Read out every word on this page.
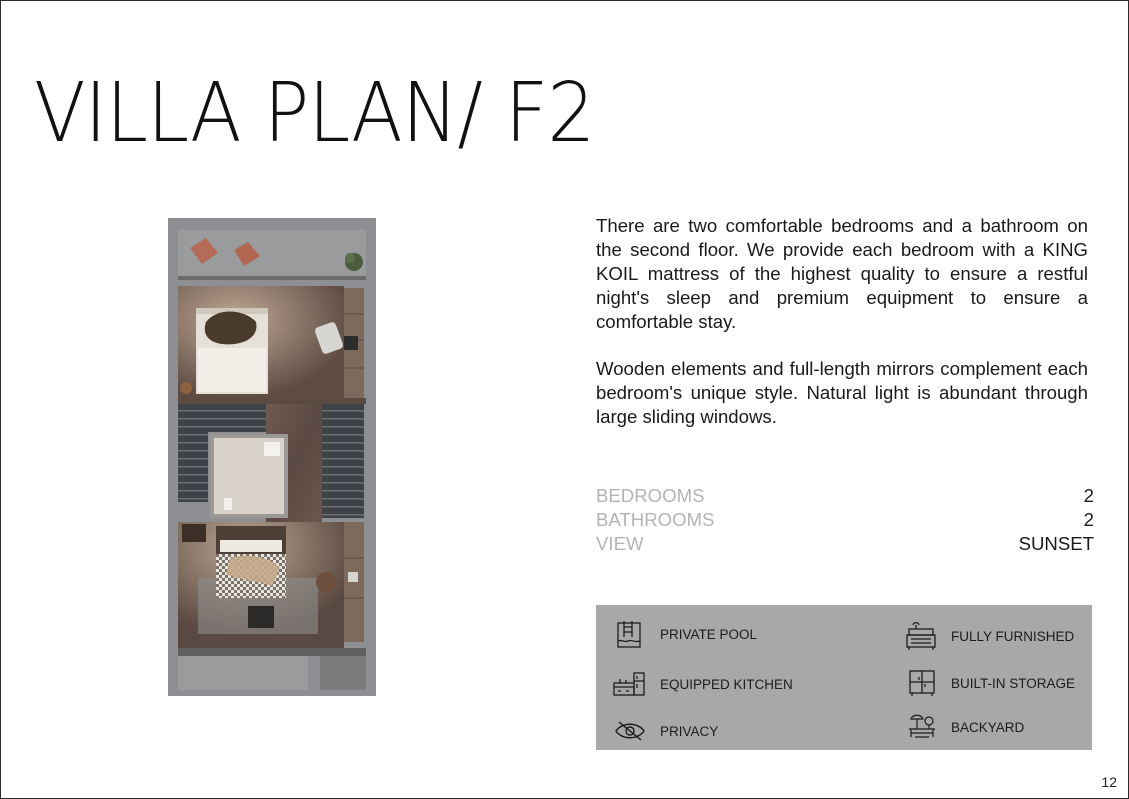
VILLA PLAN/ F2

There are two comfortable bedrooms and a bathroom on the second floor. We provide each bedroom with a KING KOIL mattress of the highest quality to ensure a restful night's sleep and premium equipment to ensure a comfortable stay.

Wooden elements and full-length mirrors complement each bedroom's unique style. Natural light is abundant through large sliding windows.

BEDROOMS	2
BATHROOMS	2
VIEW	SUNSET
PRIVATE POOL	FULLY FURNISHED
EQUIPPED KITCHEN	BUILT-IN STORAGE
PRIVACY	BACKYARD
12
